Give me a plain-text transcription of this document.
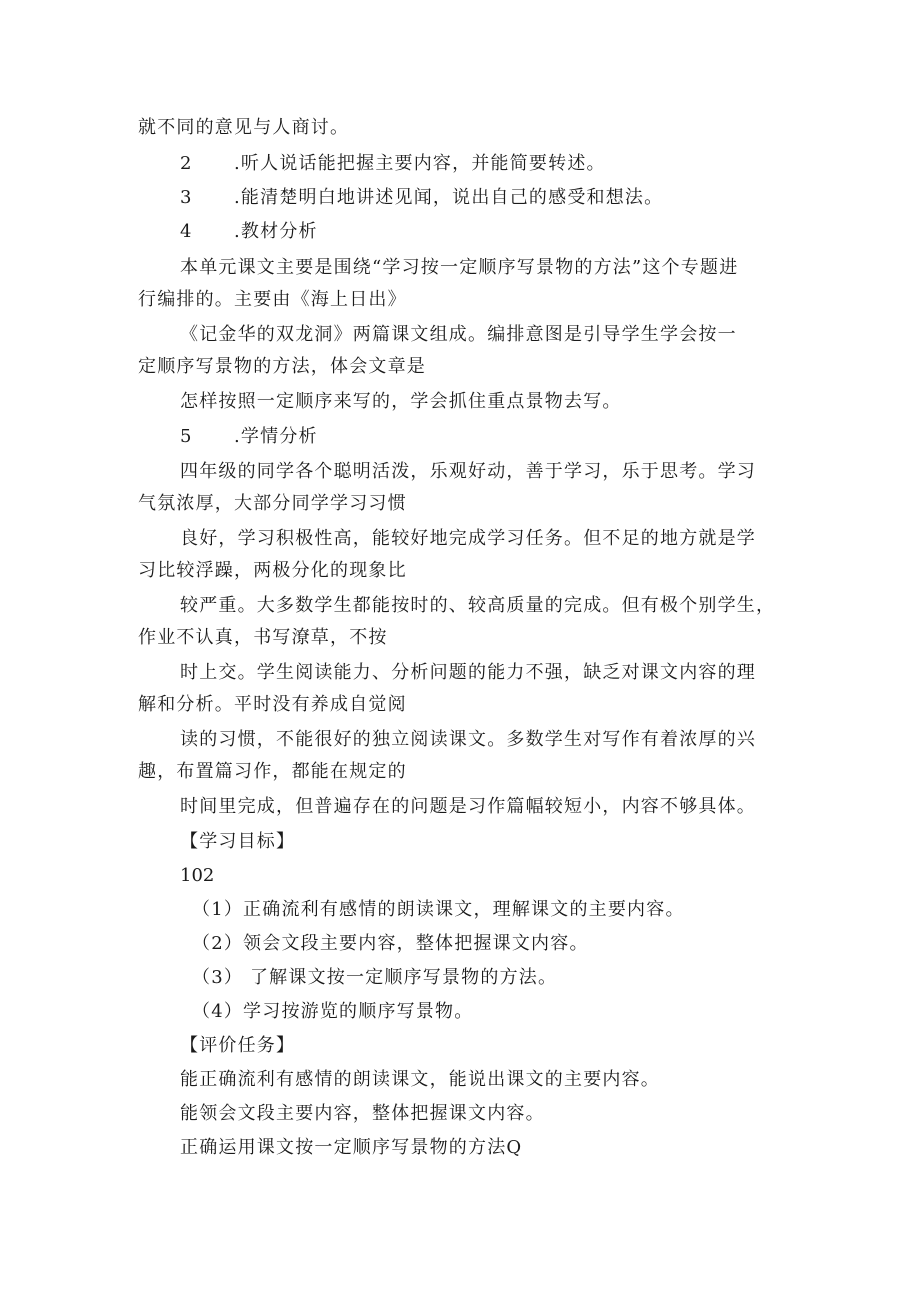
就不同的意见与人商讨。
2 .听人说话能把握主要内容，并能简要转述。
3 .能清楚明白地讲述见闻，说出自己的感受和想法。
4 .教材分析
本单元课文主要是围绕“学习按一定顺序写景物的方法”这个专题进
行编排的。主要由《海上日出》
《记金华的双龙洞》两篇课文组成。编排意图是引导学生学会按一
定顺序写景物的方法，体会文章是
怎样按照一定顺序来写的，学会抓住重点景物去写。
5 .学情分析
四年级的同学各个聪明活泼，乐观好动，善于学习，乐于思考。学习
气氛浓厚，大部分同学学习习惯
良好，学习积极性高，能较好地完成学习任务。但不足的地方就是学
习比较浮躁，两极分化的现象比
较严重。大多数学生都能按时的、较高质量的完成。但有极个别学生，
作业不认真，书写潦草，不按
时上交。学生阅读能力、分析问题的能力不强，缺乏对课文内容的理
解和分析。平时没有养成自觉阅
读的习惯，不能很好的独立阅读课文。多数学生对写作有着浓厚的兴
趣，布置篇习作，都能在规定的
时间里完成，但普遍存在的问题是习作篇幅较短小，内容不够具体。
【学习目标】
102
（1）正确流利有感情的朗读课文，理解课文的主要内容。
（2）领会文段主要内容，整体把握课文内容。
（3） 了解课文按一定顺序写景物的方法。
（4）学习按游览的顺序写景物。
【评价任务】
能正确流利有感情的朗读课文，能说出课文的主要内容。
能领会文段主要内容，整体把握课文内容。
正确运用课文按一定顺序写景物的方法Q
